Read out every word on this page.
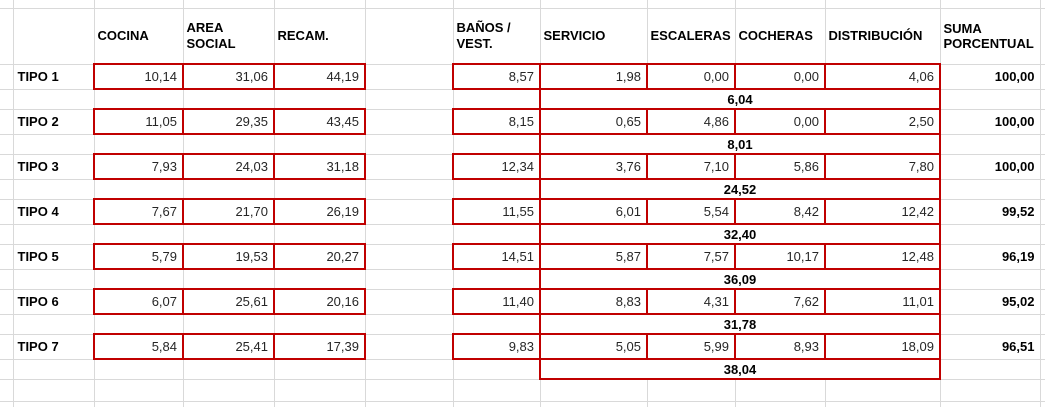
		COCINA	AREA SOCIAL	RECAM.		BAÑOS / VEST.	SERVICIO	ESCALERAS	COCHERAS	DISTRIBUCIÓN	SUMA PORCENTUAL	
	TIPO 1	10,14	31,06	44,19		8,57	1,98	0,00	0,00	4,06	100,00	
							6,04					
	TIPO 2	11,05	29,35	43,45		8,15	0,65	4,86	0,00	2,50	100,00	
							8,01					
	TIPO 3	7,93	24,03	31,18		12,34	3,76	7,10	5,86	7,80	100,00	
							24,52					
	TIPO 4	7,67	21,70	26,19		11,55	6,01	5,54	8,42	12,42	99,52	
							32,40					
	TIPO 5	5,79	19,53	20,27		14,51	5,87	7,57	10,17	12,48	96,19	
							36,09					
	TIPO 6	6,07	25,61	20,16		11,40	8,83	4,31	7,62	11,01	95,02	
							31,78					
	TIPO 7	5,84	25,41	17,39		9,83	5,05	5,99	8,93	18,09	96,51	
							38,04					
